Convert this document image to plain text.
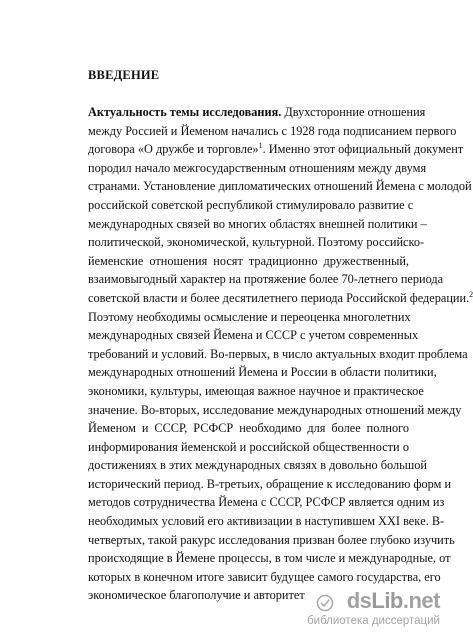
ВВЕДЕНИЕ
Актуальность темы исследования. Двухсторонние отношения
между Россией и Йеменом начались с 1928 года подписанием первого
договора «О дружбе и торговле»$^1$. Именно этот официальный документ
породил начало межгосударственным отношениям между двумя
странами. Установление дипломатических отношений Йемена с молодой
российской советской республикой стимулировало развитие с
международных связей во многих областях внешней политики –
политической, экономической, культурной. Поэтому российско-
йеменские отношения носят традиционно дружественный,
взаимовыгодный характер на протяжение более 70-летнего периода
советской власти и более десятилетнего периода Российской федерации.$^2$
Поэтому необходимы осмысление и переоценка многолетних
международных связей Йемена и СССР с учетом современных
требований и условий. Во-первых, в число актуальных входит проблема
международных отношений Йемена и России в области политики,
экономики, культуры, имеющая важное научное и практическое
значение. Во-вторых, исследование международных отношений между
Йеменом и СССР, РСФСР необходимо для более полного
информирования йеменской и российской общественности о
достижениях в этих международных связях в довольно большой
исторический период. В-третьих, обращение к исследованию форм и
методов сотрудничества Йемена с СССР, РСФСР является одним из
необходимых условий его активизации в наступившем XXI векe. В-
четвертых, такой ракурс исследования призван более глубоко изучить
происходящие в Йемене процессы, в том числе и международные, от
которых в конечном итоге зависит будущее самого государства, его
экономическое благополучие и авторитет	dsLib.net
библиотека диссертаций
